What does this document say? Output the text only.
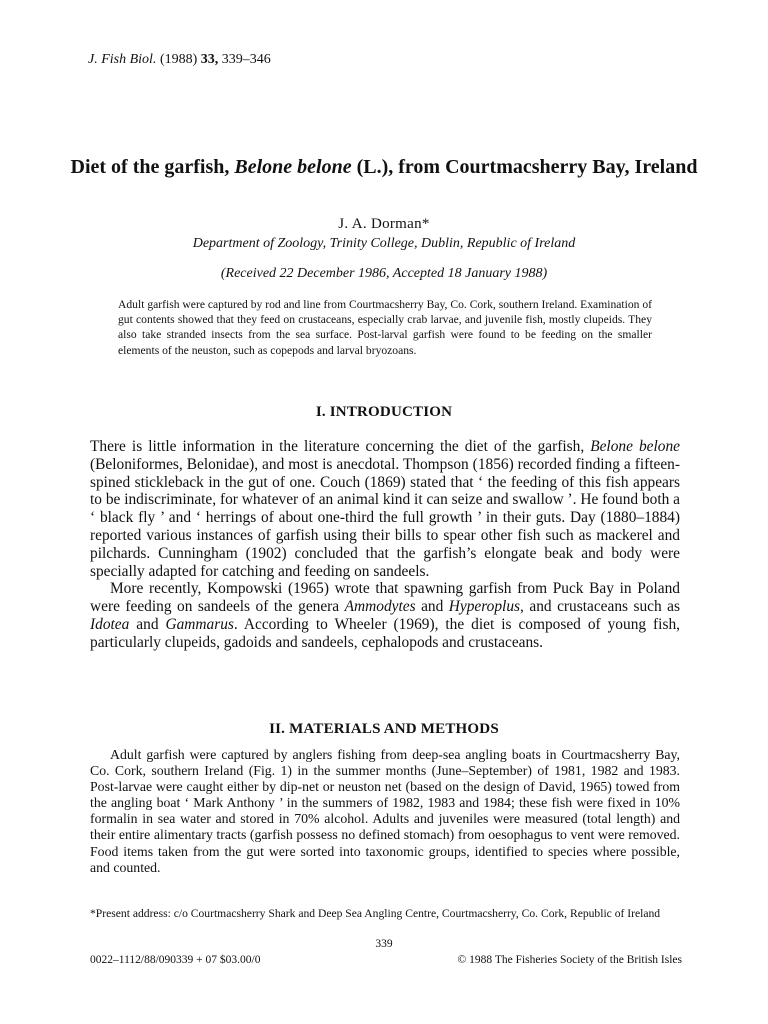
J. Fish Biol. (1988) 33, 339–346
Diet of the garfish, Belone belone (L.), from Courtmacsherry Bay, Ireland
J. A. Dorman*
Department of Zoology, Trinity College, Dublin, Republic of Ireland
(Received 22 December 1986, Accepted 18 January 1988)
Adult garfish were captured by rod and line from Courtmacsherry Bay, Co. Cork, southern Ireland. Examination of gut contents showed that they feed on crustaceans, especially crab larvae, and juvenile fish, mostly clupeids. They also take stranded insects from the sea surface. Post-larval garfish were found to be feeding on the smaller elements of the neuston, such as copepods and larval bryozoans.
I. INTRODUCTION

There is little information in the literature concerning the diet of the garfish, Belone belone (Beloniformes, Belonidae), and most is anecdotal. Thompson (1856) recorded finding a fifteen-spined stickleback in the gut of one. Couch (1869) stated that ‘ the feeding of this fish appears to be indiscriminate, for whatever of an animal kind it can seize and swallow ’. He found both a ‘ black fly ’ and ‘ herrings of about one-third the full growth ’ in their guts. Day (1880–1884) reported various instances of garfish using their bills to spear other fish such as mackerel and pilchards. Cunningham (1902) concluded that the garfish’s elongate beak and body were specially adapted for catching and feeding on sandeels.

More recently, Kompowski (1965) wrote that spawning garfish from Puck Bay in Poland were feeding on sandeels of the genera Ammodytes and Hyperoplus, and crustaceans such as Idotea and Gammarus. According to Wheeler (1969), the diet is composed of young fish, particularly clupeids, gadoids and sandeels, cephalopods and crustaceans.

II. MATERIALS AND METHODS

Adult garfish were captured by anglers fishing from deep-sea angling boats in Courtmacsherry Bay, Co. Cork, southern Ireland (Fig. 1) in the summer months (June–September) of 1981, 1982 and 1983. Post-larvae were caught either by dip-net or neuston net (based on the design of David, 1965) towed from the angling boat ‘ Mark Anthony ’ in the summers of 1982, 1983 and 1984; these fish were fixed in 10% formalin in sea water and stored in 70% alcohol. Adults and juveniles were measured (total length) and their entire alimentary tracts (garfish possess no defined stomach) from oesophagus to vent were removed. Food items taken from the gut were sorted into taxonomic groups, identified to species where possible, and counted.

*Present address: c/o Courtmacsherry Shark and Deep Sea Angling Centre, Courtmacsherry, Co. Cork, Republic of Ireland
339
0022–1112/88/090339 + 07 $03.00/0	© 1988 The Fisheries Society of the British Isles
